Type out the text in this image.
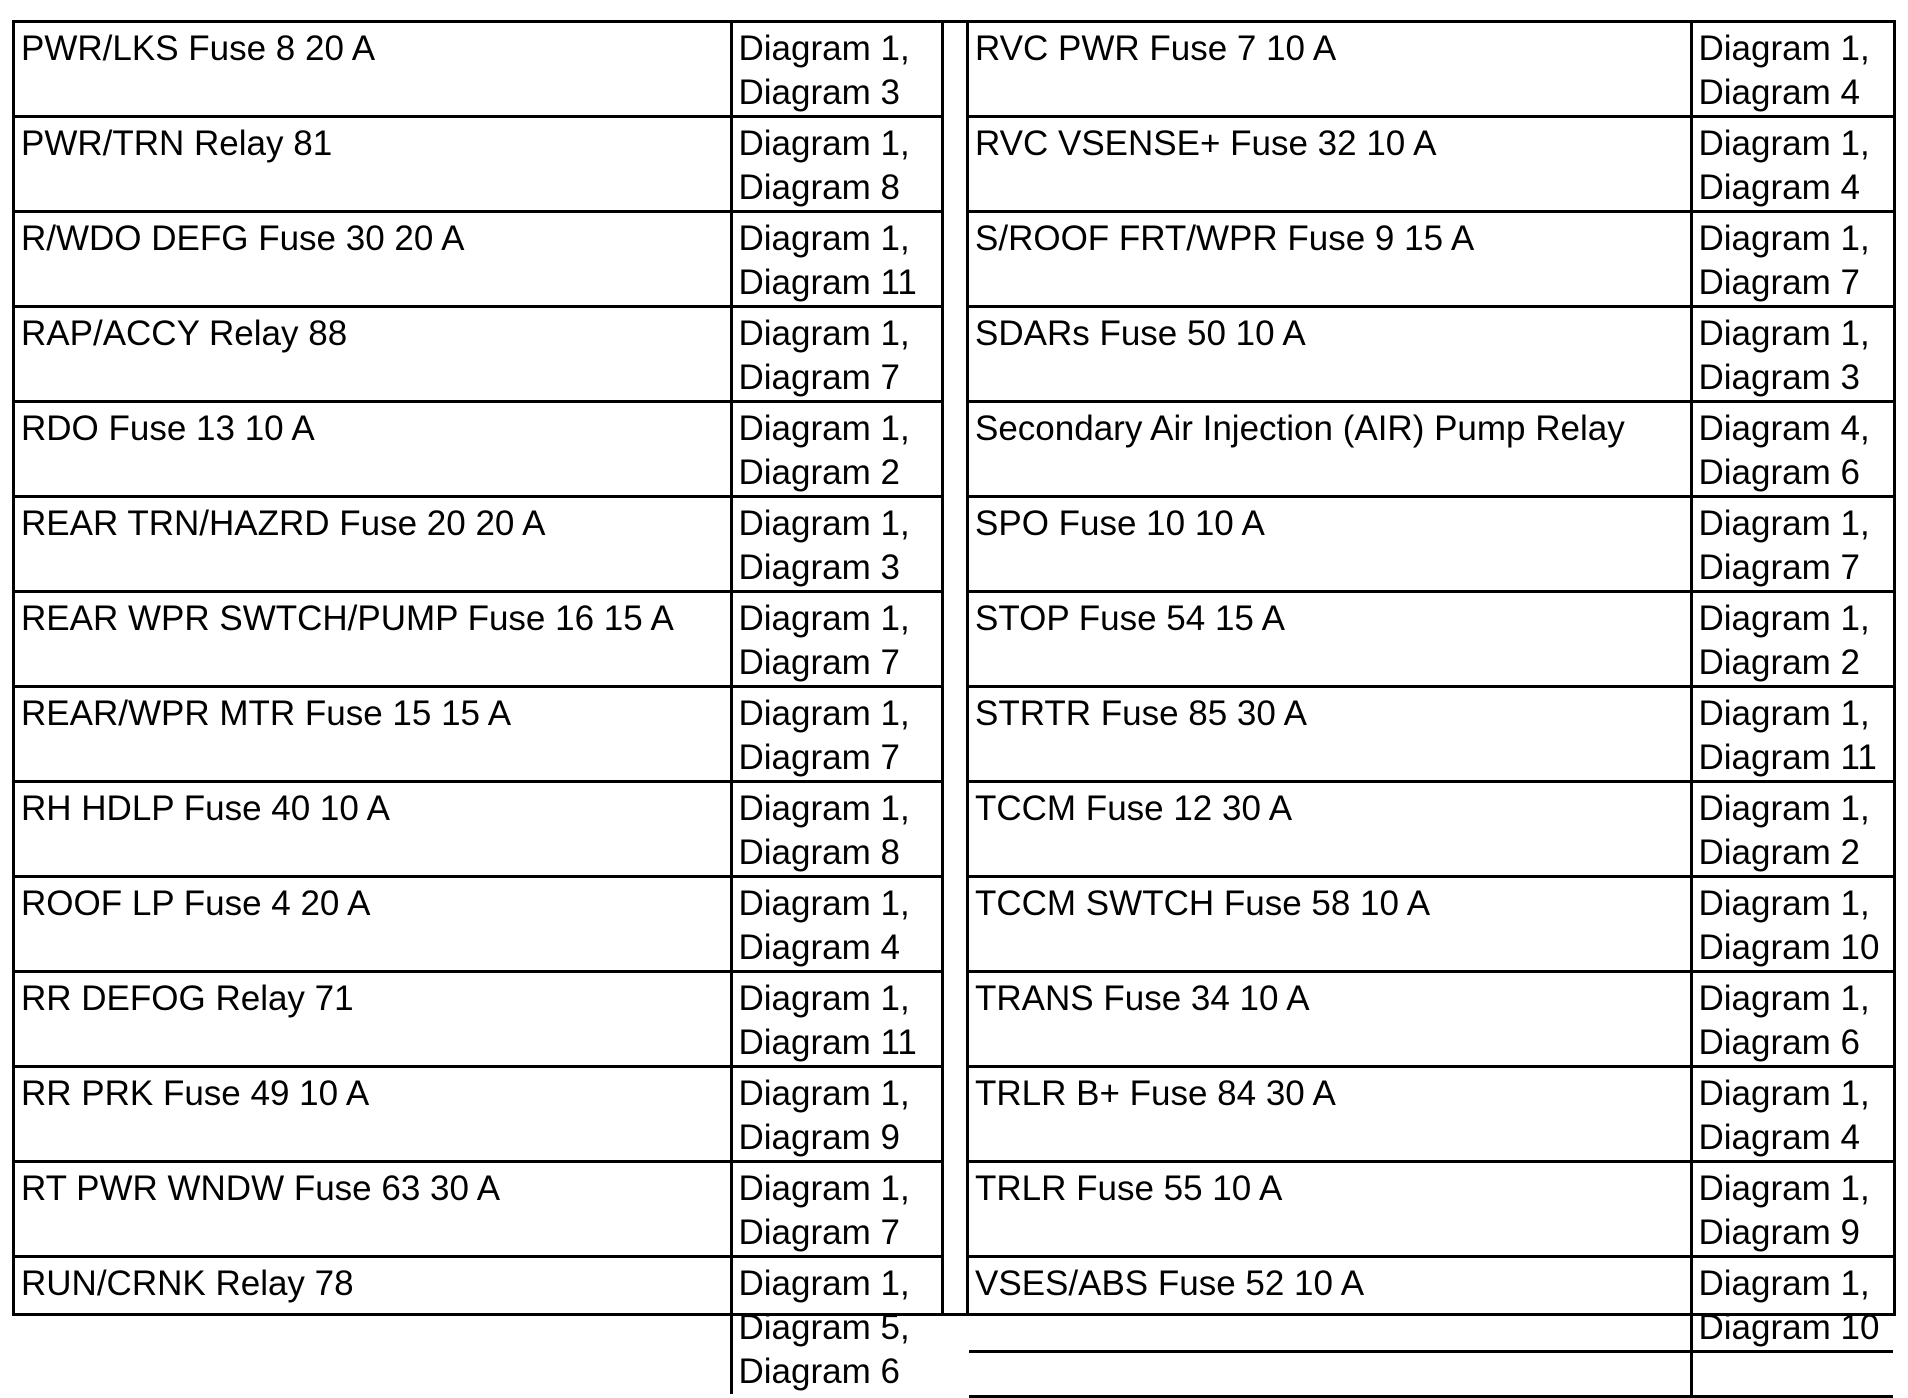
PWR/LKS Fuse 8 20 A	Diagram 1,
Diagram 3

PWR/TRN Relay 81	Diagram 1,
Diagram 8

R/WDO DEFG Fuse 30 20 A	Diagram 1,
Diagram 11

RAP/ACCY Relay 88	Diagram 1,
Diagram 7

RDO Fuse 13 10 A	Diagram 1,
Diagram 2

REAR TRN/HAZRD Fuse 20 20 A	Diagram 1,
Diagram 3

REAR WPR SWTCH/PUMP Fuse 16 15 A	Diagram 1,
Diagram 7

REAR/WPR MTR Fuse 15 15 A	Diagram 1,
Diagram 7

RH HDLP Fuse 40 10 A	Diagram 1,
Diagram 8

ROOF LP Fuse 4 20 A	Diagram 1,
Diagram 4

RR DEFOG Relay 71	Diagram 1,
Diagram 11

RR PRK Fuse 49 10 A	Diagram 1,
Diagram 9

RT PWR WNDW Fuse 63 30 A	Diagram 1,
Diagram 7

RUN/CRNK Relay 78	Diagram 1,
Diagram 5,
Diagram 6
RVC PWR Fuse 7 10 A	Diagram 1,
Diagram 4

RVC VSENSE+ Fuse 32 10 A	Diagram 1,
Diagram 4

S/ROOF FRT/WPR Fuse 9 15 A	Diagram 1,
Diagram 7

SDARs Fuse 50 10 A	Diagram 1,
Diagram 3

Secondary Air Injection (AIR) Pump Relay	Diagram 4,
Diagram 6

SPO Fuse 10 10 A	Diagram 1,
Diagram 7

STOP Fuse 54 15 A	Diagram 1,
Diagram 2

STRTR Fuse 85 30 A	Diagram 1,
Diagram 11

TCCM Fuse 12 30 A	Diagram 1,
Diagram 2

TCCM SWTCH Fuse 58 10 A	Diagram 1,
Diagram 10

TRANS Fuse 34 10 A	Diagram 1,
Diagram 6

TRLR B+ Fuse 84 30 A	Diagram 1,
Diagram 4

TRLR Fuse 55 10 A	Diagram 1,
Diagram 9

VSES/ABS Fuse 52 10 A	Diagram 1,
Diagram 10
